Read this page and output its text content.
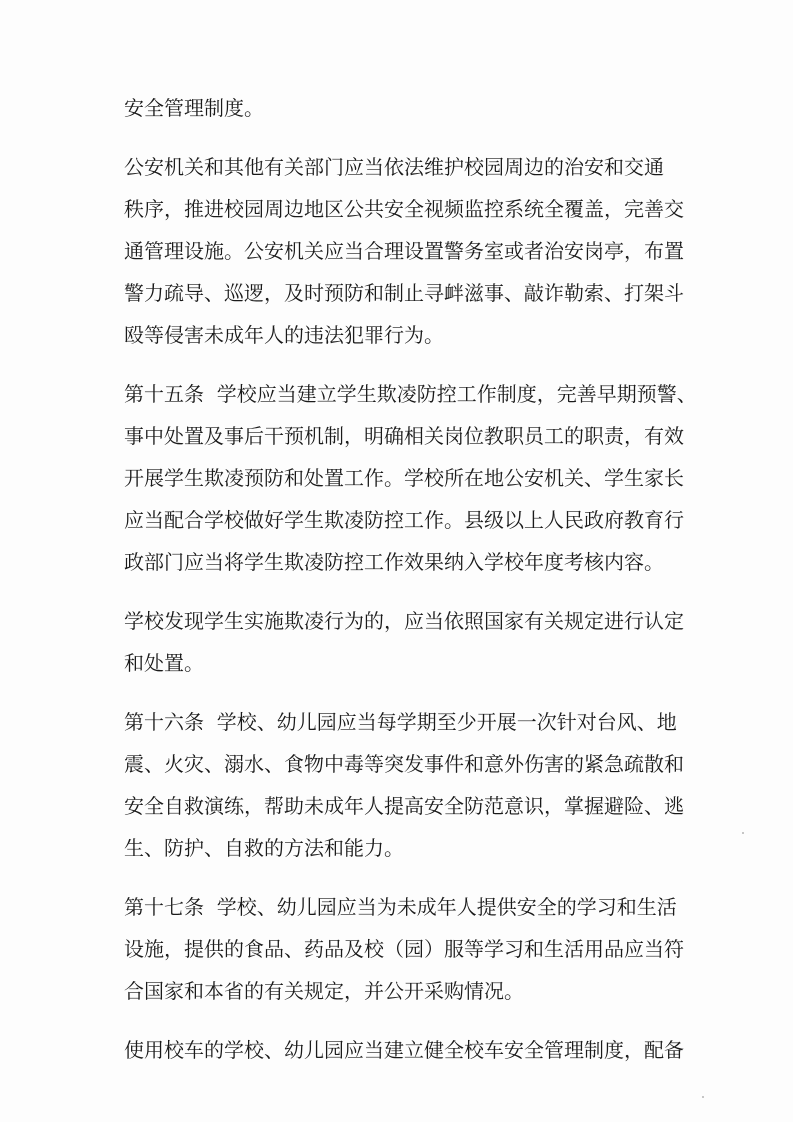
安全管理制度。

公安机关和其他有关部门应当依法维护校园周边的治安和交通
秩序，推进校园周边地区公共安全视频监控系统全覆盖，完善交
通管理设施。公安机关应当合理设置警务室或者治安岗亭，布置
警力疏导、巡逻，及时预防和制止寻衅滋事、敲诈勒索、打架斗
殴等侵害未成年人的违法犯罪行为。

第十五条  学校应当建立学生欺凌防控工作制度，完善早期预警、
事中处置及事后干预机制，明确相关岗位教职员工的职责，有效
开展学生欺凌预防和处置工作。学校所在地公安机关、学生家长
应当配合学校做好学生欺凌防控工作。县级以上人民政府教育行
政部门应当将学生欺凌防控工作效果纳入学校年度考核内容。

学校发现学生实施欺凌行为的，应当依照国家有关规定进行认定
和处置。

第十六条  学校、幼儿园应当每学期至少开展一次针对台风、地
震、火灾、溺水、食物中毒等突发事件和意外伤害的紧急疏散和
安全自救演练，帮助未成年人提高安全防范意识，掌握避险、逃
生、防护、自救的方法和能力。

第十七条  学校、幼儿园应当为未成年人提供安全的学习和生活
设施，提供的食品、药品及校（园）服等学习和生活用品应当符
合国家和本省的有关规定，并公开采购情况。

使用校车的学校、幼儿园应当建立健全校车安全管理制度，配备
